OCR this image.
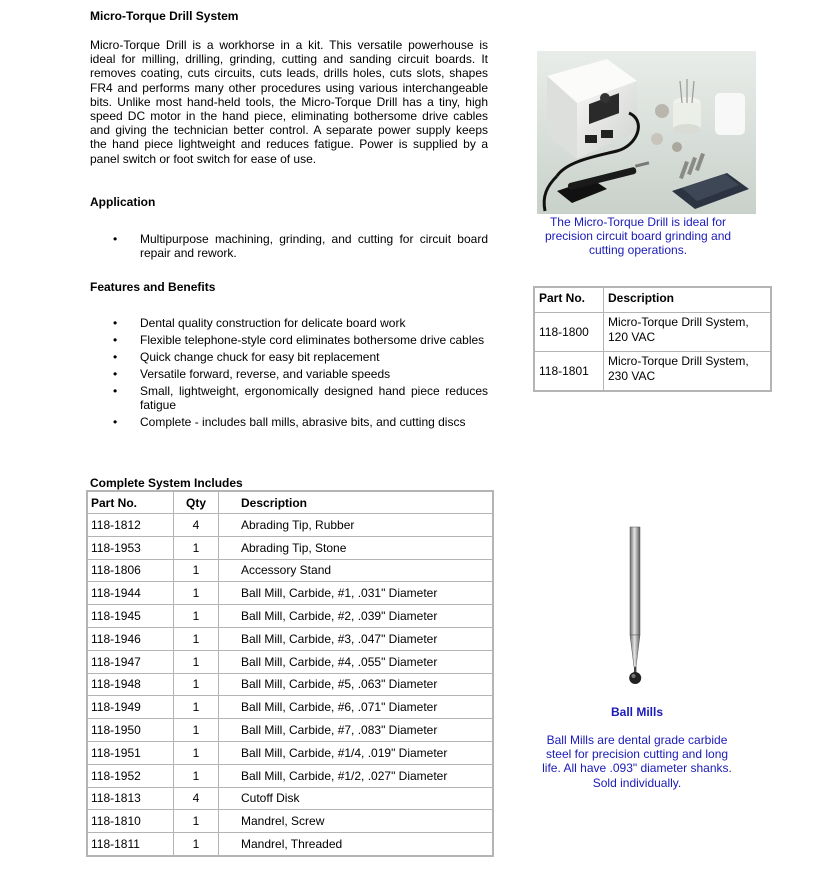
Micro-Torque Drill System
Micro-Torque Drill is a workhorse in a kit. This versatile powerhouse is ideal for milling, drilling, grinding, cutting and sanding circuit boards. It removes coating, cuts circuits, cuts leads, drills holes, cuts slots, shapes FR4 and performs many other procedures using various interchangeable bits. Unlike most hand-held tools, the Micro-Torque Drill has a tiny, high speed DC motor in the hand piece, eliminating bothersome drive cables and giving the technician better control. A separate power supply keeps the hand piece lightweight and reduces fatigue. Power is supplied by a panel switch or foot switch for ease of use.
Application
Multipurpose machining, grinding, and cutting for circuit board repair and rework.
Features and Benefits
Dental quality construction for delicate board work
Flexible telephone-style cord eliminates bothersome drive cables
Quick change chuck for easy bit replacement
Versatile forward, reverse, and variable speeds
Small, lightweight, ergonomically designed hand piece reduces fatigue
Complete - includes ball mills, abrasive bits, and cutting discs
Complete System Includes
Part No.	Qty	Description
118-1812	4	Abrading Tip, Rubber
118-1953	1	Abrading Tip, Stone
118-1806	1	Accessory Stand
118-1944	1	Ball Mill, Carbide, #1, .031" Diameter
118-1945	1	Ball Mill, Carbide, #2, .039" Diameter
118-1946	1	Ball Mill, Carbide, #3, .047" Diameter
118-1947	1	Ball Mill, Carbide, #4, .055" Diameter
118-1948	1	Ball Mill, Carbide, #5, .063" Diameter
118-1949	1	Ball Mill, Carbide, #6, .071" Diameter
118-1950	1	Ball Mill, Carbide, #7, .083" Diameter
118-1951	1	Ball Mill, Carbide, #1/4, .019" Diameter
118-1952	1	Ball Mill, Carbide, #1/2, .027" Diameter
118-1813	4	Cutoff Disk
118-1810	1	Mandrel, Screw
118-1811	1	Mandrel, Threaded
The Micro-Torque Drill is ideal for precision circuit board grinding and cutting operations.
Part No.	Description
118-1800	Micro-Torque Drill System, 120 VAC
118-1801	Micro-Torque Drill System, 230 VAC
Ball Mills
Ball Mills are dental grade carbide steel for precision cutting and long life. All have .093" diameter shanks. Sold individually.
